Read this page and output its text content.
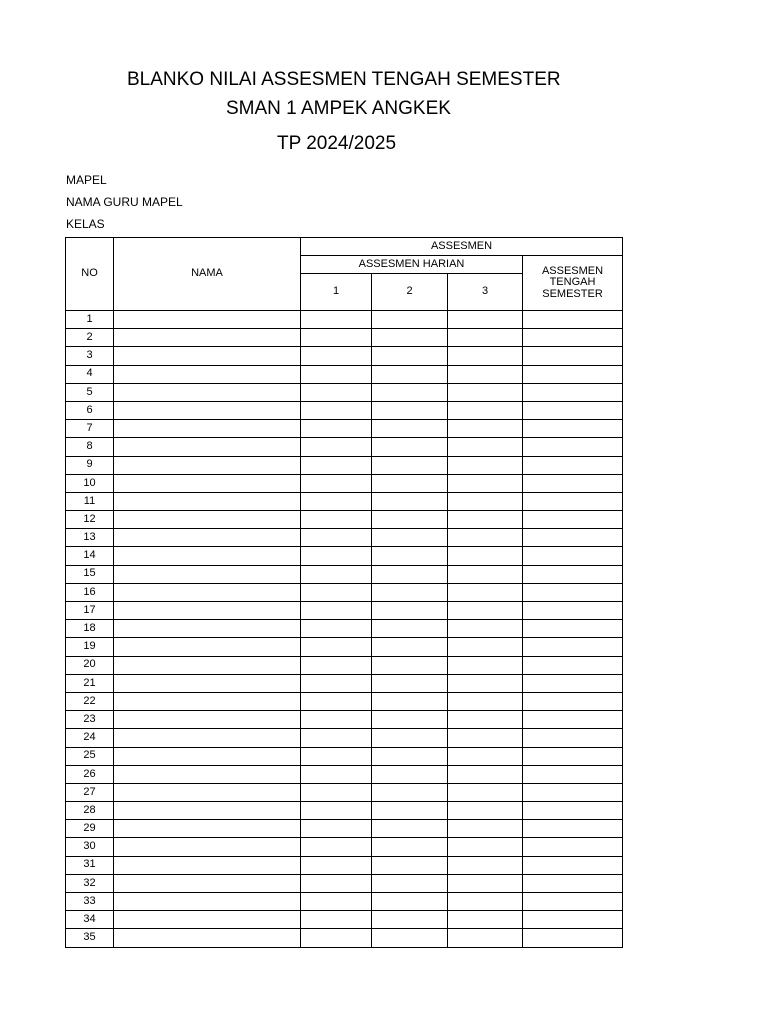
BLANKO NILAI ASSESMEN TENGAH SEMESTER
SMAN 1 AMPEK ANGKEK
TP 2024/2025
MAPEL
NAMA GURU MAPEL
KELAS
NO	NAMA	ASSESMEN			
		ASSESMEN HARIAN			ASSESMEN TENGAH SEMESTER
		1	2	3	
1					
2					
3					
4					
5					
6					
7					
8					
9					
10					
11					
12					
13					
14					
15					
16					
17					
18					
19					
20					
21					
22					
23					
24					
25					
26					
27					
28					
29					
30					
31					
32					
33					
34					
35					
